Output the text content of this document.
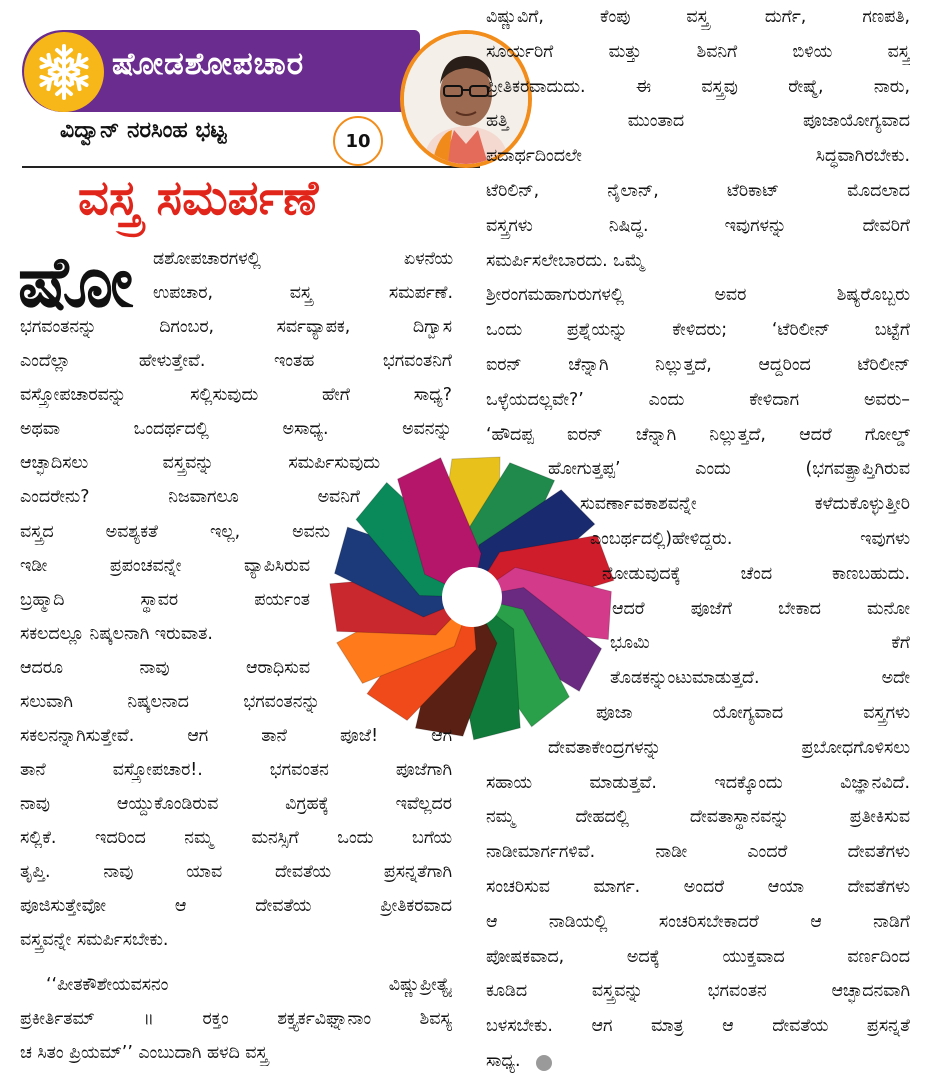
ಷೋಡಶೋಪಚಾರ
ವಿದ್ವಾನ್ ನರಸಿಂಹ ಭಟ್ಟ	10
ವಸ್ತ್ರ ಸಮರ್ಪಣೆ
ಷೋ ಡಶೋಪಚಾರಗಳಲ್ಲಿ ಏಳನೆಯ
ಉಪಚಾರ, ವಸ್ತ್ರ ಸಮರ್ಪಣೆ.
ಭಗವಂತನನ್ನು ದಿಗಂಬರ, ಸರ್ವವ್ಯಾಪಕ, ದಿಗ್ವಾಸ
ಎಂದೆಲ್ಲಾ ಹೇಳುತ್ತೇವೆ. ಇಂತಹ ಭಗವಂತನಿಗೆ
ವಸ್ತ್ರೋಪಚಾರವನ್ನು ಸಲ್ಲಿಸುವುದು ಹೇಗೆ ಸಾಧ್ಯ?
ಅಥವಾ ಒಂದರ್ಥದಲ್ಲಿ ಅಸಾಧ್ಯ. ಅವನನ್ನು
ಆಚ್ಛಾದಿಸಲು ವಸ್ತ್ರವನ್ನು ಸಮರ್ಪಿಸುವುದು
ಎಂದರೇನು? ನಿಜವಾಗಲೂ ಅವನಿಗೆ
ವಸ್ತ್ರದ ಅವಶ್ಯಕತೆ ಇಲ್ಲ, ಅವನು
ಇಡೀ ಪ್ರಪಂಚವನ್ನೇ ವ್ಯಾಪಿಸಿರುವ
ಬ್ರಹ್ಮಾದಿ ಸ್ಥಾವರ ಪರ್ಯಂತ
ಸಕಲದಲ್ಲೂ ನಿಷ್ಕಲನಾಗಿ ಇರುವಾತ.
ಆದರೂ ನಾವು ಆರಾಧಿಸುವ
ಸಲುವಾಗಿ ನಿಷ್ಕಲನಾದ ಭಗವಂತನನ್ನು
ಸಕಲನನ್ನಾಗಿಸುತ್ತೇವೆ. ಆಗ ತಾನೆ ಪೂಜೆ! ಆಗ
ತಾನೆ ವಸ್ತ್ರೋಪಚಾರ!. ಭಗವಂತನ ಪೂಜೆಗಾಗಿ
ನಾವು ಆಯ್ದುಕೊಂಡಿರುವ ವಿಗ್ರಹಕ್ಕೆ ಇವೆಲ್ಲದರ
ಸಲ್ಲಿಕೆ. ಇದರಿಂದ ನಮ್ಮ ಮನಸ್ಸಿಗೆ ಒಂದು ಬಗೆಯ
ತೃಪ್ತಿ. ನಾವು ಯಾವ ದೇವತೆಯ ಪ್ರಸನ್ನತೆಗಾಗಿ
ಪೂಜಿಸುತ್ತೇವೋ ಆ ದೇವತೆಯ ಪ್ರೀತಿಕರವಾದ
ವಸ್ತ್ರವನ್ನೇ ಸಮರ್ಪಿಸಬೇಕು.
‘‘ಪೀತಕೌಶೇಯವಸನಂ ವಿಷ್ಣುಪ್ರೀತ್ಯೈ
ಪ್ರಕೀರ್ತಿತಮ್ ॥ ರಕ್ತಂ ಶಕ್ತ್ಯರ್ಕವಿಘ್ನಾನಾಂ ಶಿವಸ್ಯ
ಚ ಸಿತಂ ಪ್ರಿಯಮ್’’ ಎಂಬುದಾಗಿ ಹಳದಿ ವಸ್ತ್ರ
ವಿಷ್ಣುವಿಗೆ, ಕೆಂಪು ವಸ್ತ್ರ ದುರ್ಗೆ, ಗಣಪತಿ,
ಸೂರ್ಯರಿಗೆ ಮತ್ತು ಶಿವನಿಗೆ ಬಿಳಿಯ ವಸ್ತ್ರ
ಪ್ರೀತಿಕರವಾದುದು. ಈ ವಸ್ತ್ರವು ರೇಷ್ಮೆ, ನಾರು,
ಹತ್ತಿ ಮುಂತಾದ ಪೂಜಾಯೋಗ್ಯವಾದ
ಪದಾರ್ಥದಿಂದಲೇ ಸಿದ್ಧವಾಗಿರಬೇಕು.
ಟೆರಿಲಿನ್, ನೈಲಾನ್, ಟೆರಿಕಾಟ್ ಮೊದಲಾದ
ವಸ್ತ್ರಗಳು ನಿಷಿದ್ಧ. ಇವುಗಳನ್ನು ದೇವರಿಗೆ
ಸಮರ್ಪಿಸಲೇಬಾರದು. ಒಮ್ಮೆ
ಶ್ರೀರಂಗಮಹಾಗುರುಗಳಲ್ಲಿ ಅವರ ಶಿಷ್ಯರೊಬ್ಬರು
ಒಂದು ಪ್ರಶ್ನೆಯನ್ನು ಕೇಳಿದರು; ‘ಟೆರಿಲೀನ್ ಬಟ್ಟೆಗೆ
ಐರನ್ ಚೆನ್ನಾಗಿ ನಿಲ್ಲುತ್ತದೆ, ಆದ್ದರಿಂದ ಟೆರಿಲೀನ್
ಒಳ್ಳೆಯದಲ್ಲವೇ?’ ಎಂದು ಕೇಳಿದಾಗ ಅವರು–
‘ಹೌದಪ್ಪ ಐರನ್ ಚೆನ್ನಾಗಿ ನಿಲ್ಲುತ್ತದೆ, ಆದರೆ ಗೋಲ್ಡ್
ಹೋಗುತ್ತಪ್ಪ’ ಎಂದು (ಭಗವತ್ಪ್ರಾಪ್ತಿಗಿರುವ
ಸುವರ್ಣಾವಕಾಶವನ್ನೇ ಕಳೆದುಕೊಳ್ಳುತ್ತೀರಿ
ಎಂಬರ್ಥದಲ್ಲಿ)ಹೇಳಿದ್ದರು. ಇವುಗಳು
ನೋಡುವುದಕ್ಕೆ ಚೆಂದ ಕಾಣಬಹುದು.
ಆದರೆ ಪೂಜೆಗೆ ಬೇಕಾದ ಮನೋ
ಭೂಮಿ ಕೆಗೆ
ತೊಡಕನ್ನುಂಟುಮಾಡುತ್ತದೆ. ಅದೇ
ಪೂಜಾ ಯೋಗ್ಯವಾದ ವಸ್ತ್ರಗಳು
ದೇವತಾಕೇಂದ್ರಗಳನ್ನು ಪ್ರಬೋಧಗೊಳಿಸಲು
ಸಹಾಯ ಮಾಡುತ್ತವೆ. ಇದಕ್ಕೊಂದು ವಿಜ್ಞಾನವಿದೆ.
ನಮ್ಮ ದೇಹದಲ್ಲಿ ದೇವತಾಸ್ಥಾನವನ್ನು ಪ್ರತೀಕಿಸುವ
ನಾಡೀಮಾರ್ಗಗಳಿವೆ. ನಾಡೀ ಎಂದರೆ ದೇವತೆಗಳು
ಸಂಚರಿಸುವ ಮಾರ್ಗ. ಅಂದರೆ ಆಯಾ ದೇವತೆಗಳು
ಆ ನಾಡಿಯಲ್ಲಿ ಸಂಚರಿಸಬೇಕಾದರೆ ಆ ನಾಡಿಗೆ
ಪೋಷಕವಾದ, ಅದಕ್ಕೆ ಯುಕ್ತವಾದ ವರ್ಣದಿಂದ
ಕೂಡಿದ ವಸ್ತ್ರವನ್ನು ಭಗವಂತನ ಆಚ್ಛಾದನವಾಗಿ
ಬಳಸಬೇಕು. ಆಗ ಮಾತ್ರ ಆ ದೇವತೆಯ ಪ್ರಸನ್ನತೆ
ಸಾಧ್ಯ.
